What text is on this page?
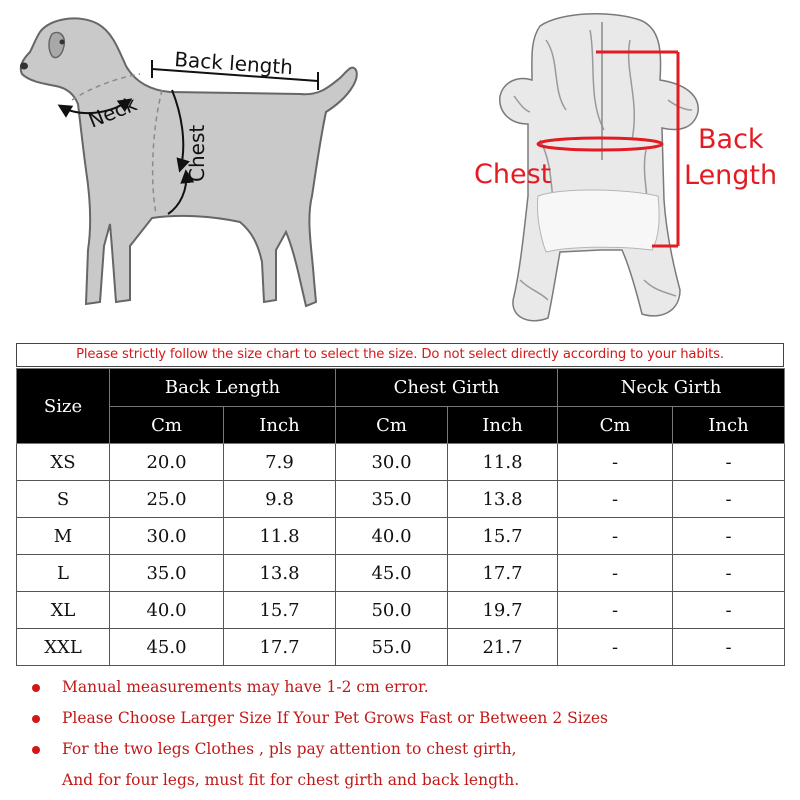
Back length
Neck
Chest	Chest
Back
Length
Please strictly follow the size chart to select the size. Do not select directly according to your habits.
Size	Back Length		Chest Girth		Neck Girth	
	Cm	Inch	Cm	Inch	Cm	Inch
XS	20.0	7.9	30.0	11.8	-	-
S	25.0	9.8	35.0	13.8	-	-
M	30.0	11.8	40.0	15.7	-	-
L	35.0	13.8	45.0	17.7	-	-
XL	40.0	15.7	50.0	19.7	-	-
XXL	45.0	17.7	55.0	21.7	-	-
Manual measurements may have 1-2 cm error.
Please Choose Larger Size If Your Pet Grows Fast or Between 2 Sizes
For the two legs Clothes , pls pay attention to chest girth,
And for four legs, must fit for chest girth and back length.
